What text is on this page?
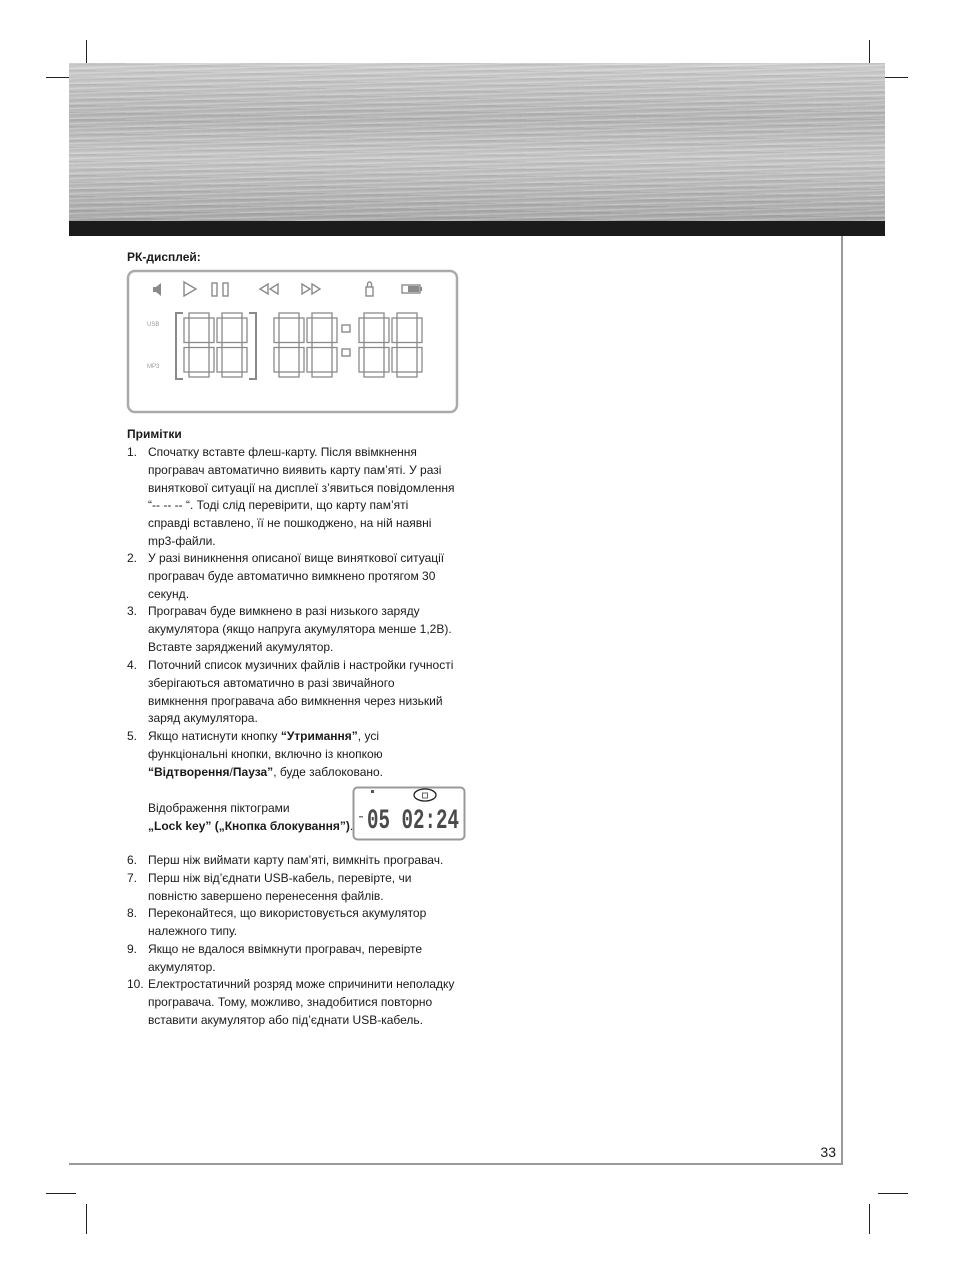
33
РК-дисплей:
USB
MP3
Примітки
1. Спочатку вставте флеш-карту. Після ввімкнення
програвач автоматично виявить карту пам’яті. У разі
виняткової ситуації на дисплеї з’явиться повідомлення
“-- -- -- “. Тоді слід перевірити, що карту пам’яті
справді вставлено, її не пошкоджено, на ній наявні
mp3-файли.
2. У разі виникнення описаної вище виняткової ситуації
програвач буде автоматично вимкнено протягом 30
секунд.
3. Програвач буде вимкнено в разі низького заряду
акумулятора (якщо напруга акумулятора менше 1,2В).
Вставте заряджений акумулятор.
4. Поточний список музичних файлів і настройки гучності
зберігаються автоматично в разі звичайного
вимкнення програвача або вимкнення через низький
заряд акумулятора.
5. Якщо натиснути кнопку “Утримання”, усі
функціональні кнопки, включно із кнопкою
“Відтворення/Пауза”, буде заблоковано.
Відображення піктограми
„Lock key” („Кнопка блокування”). 05 02:24
6. Перш ніж виймати карту пам’яті, вимкніть програвач.
7. Перш ніж від’єднати USB-кабель, перевірте, чи
повністю завершено перенесення файлів.
8. Переконайтеся, що використовується акумулятор
належного типу.
9. Якщо не вдалося ввімкнути програвач, перевірте
акумулятор.
10. Електростатичний розряд може спричинити неполадку
програвача. Тому, можливо, знадобитися повторно
вставити акумулятор або під’єднати USB-кабель.
